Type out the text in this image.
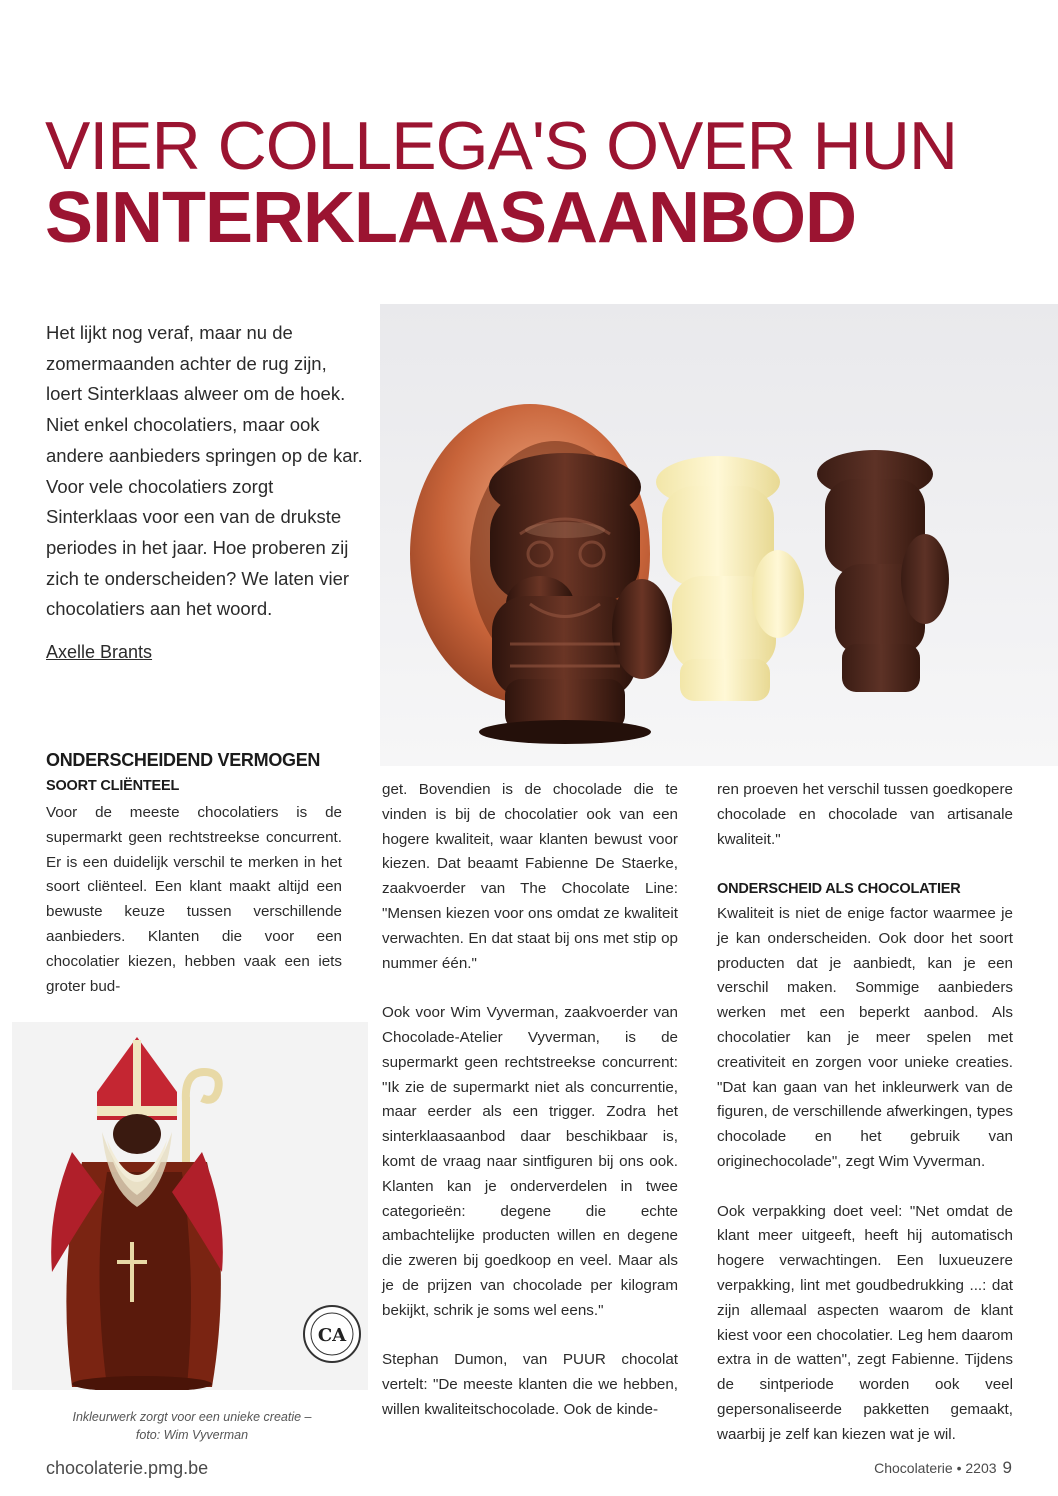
VIER COLLEGA'S OVER HUN
SINTERKLAASAANBOD

Het lijkt nog veraf, maar nu de zomermaanden achter de rug zijn, loert Sinterklaas alweer om de hoek. Niet enkel chocolatiers, maar ook andere aanbieders springen op de kar. Voor vele chocolatiers zorgt Sinterklaas voor een van de drukste periodes in het jaar. Hoe proberen zij zich te onderscheiden? We laten vier chocolatiers aan het woord.

Axelle Brants
ONDERSCHEIDEND VERMOGEN
SOORT CLIËNTEEL

Voor de meeste chocolatiers is de supermarkt geen rechtstreekse concurrent. Er is een duidelijk verschil te merken in het soort cliënteel. Een klant maakt altijd een bewuste keuze tussen verschillende aanbieders. Klanten die voor een chocolatier kiezen, hebben vaak een iets groter bud-

get. Bovendien is de chocolade die te vinden is bij de chocolatier ook van een hogere kwaliteit, waar klanten bewust voor kiezen. Dat beaamt Fabienne De Staerke, zaakvoerder van The Chocolate Line: "Mensen kiezen voor ons omdat ze kwaliteit verwachten. En dat staat bij ons met stip op nummer één."

Ook voor Wim Vyverman, zaakvoerder van Chocolade-Atelier Vyverman, is de supermarkt geen rechtstreekse concurrent: "Ik zie de supermarkt niet als concurrentie, maar eerder als een trigger. Zodra het sinterklaasaanbod daar beschikbaar is, komt de vraag naar sintfiguren bij ons ook. Klanten kan je onderverdelen in twee categorieën: degene die echte ambachtelijke producten willen en degene die zweren bij goedkoop en veel. Maar als je de prijzen van chocolade per kilogram bekijkt, schrik je soms wel eens."

Stephan Dumon, van PUUR chocolat vertelt: "De meeste klanten die we hebben, willen kwaliteitschocolade. Ook de kinde-

ren proeven het verschil tussen goedkopere chocolade en chocolade van artisanale kwaliteit."

ONDERSCHEID ALS CHOCOLATIER

Kwaliteit is niet de enige factor waarmee je je kan onderscheiden. Ook door het soort producten dat je aanbiedt, kan je een verschil maken. Sommige aanbieders werken met een beperkt aanbod. Als chocolatier kan je meer spelen met creativiteit en zorgen voor unieke creaties. "Dat kan gaan van het inkleurwerk van de figuren, de verschillende afwerkingen, types chocolade en het gebruik van originechocolade", zegt Wim Vyverman.

Ook verpakking doet veel: "Net omdat de klant meer uitgeeft, heeft hij automatisch hogere verwachtingen. Een luxueuzere verpakking, lint met goudbedrukking ...: dat zijn allemaal aspecten waarom de klant kiest voor een chocolatier. Leg hem daarom extra in de watten", zegt Fabienne. Tijdens de sintperiode worden ook veel gepersonaliseerde pakketten gemaakt, waarbij je zelf kan kiezen wat je wil.

CA
Inkleurwerk zorgt voor een unieke creatie –
foto: Wim Vyverman
chocolaterie.pmg.be	Chocolaterie • 2203 9
